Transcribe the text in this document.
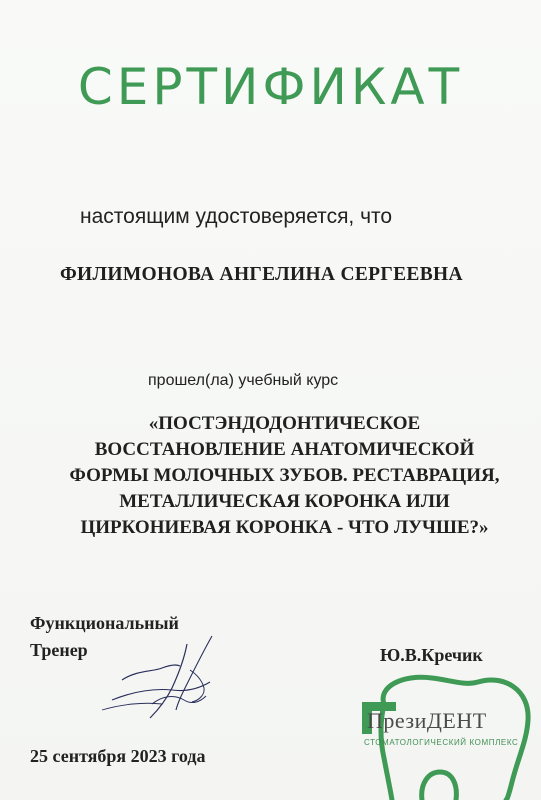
СЕРТИФИКАТ
настоящим удостоверяется, что
ФИЛИМОНОВА АНГЕЛИНА СЕРГЕЕВНА
прошел(ла) учебный курс
«ПОСТЭНДОДОНТИЧЕСКОЕ
ВОССТАНОВЛЕНИЕ АНАТОМИЧЕСКОЙ
ФОРМЫ МОЛОЧНЫХ ЗУБОВ. РЕСТАВРАЦИЯ,
МЕТАЛЛИЧЕСКАЯ КОРОНКА ИЛИ
ЦИРКОНИЕВАЯ КОРОНКА - ЧТО ЛУЧШЕ?»
Функциональный
Тренер	Ю.В.Кречик
ПрезиДЕНТ
СТОМАТОЛОГИЧЕСКИЙ КОМПЛЕКС
25 сентября 2023 года
